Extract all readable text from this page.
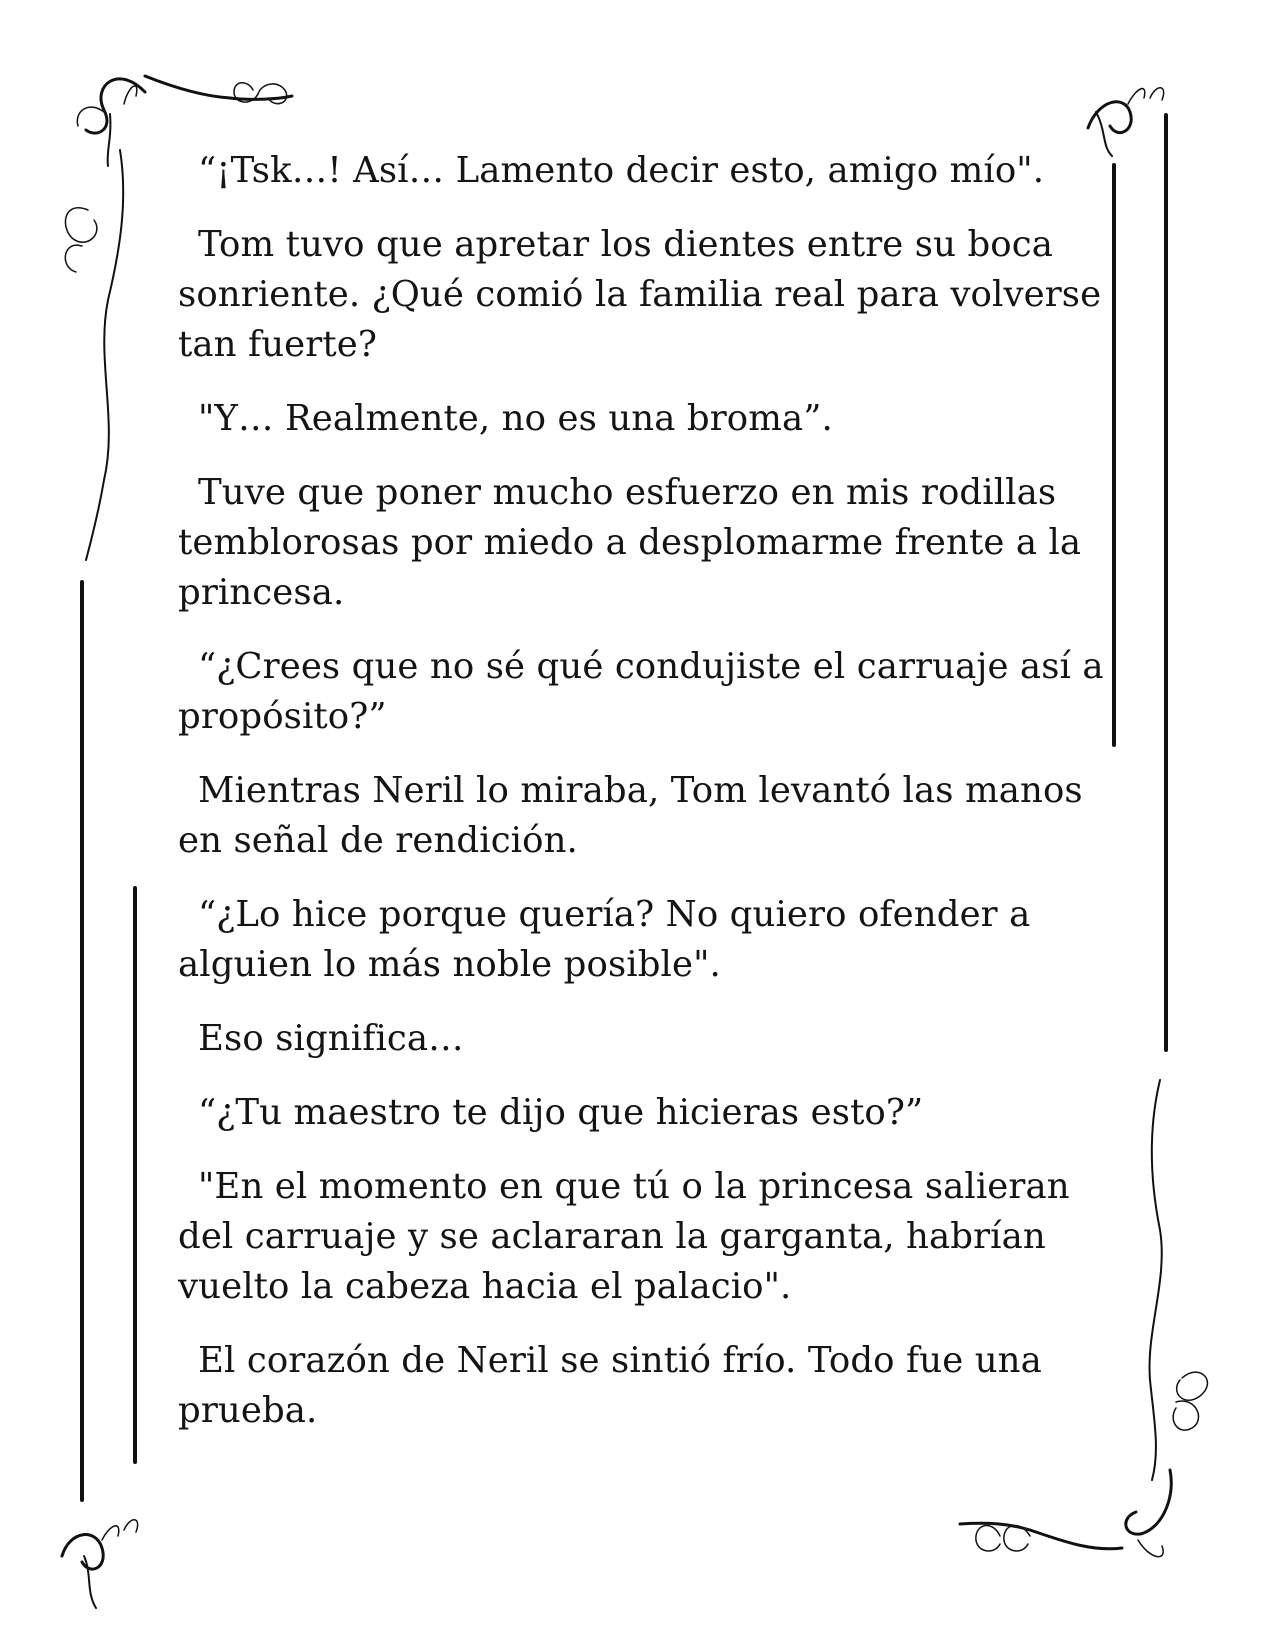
“¡Tsk…! Así… Lamento decir esto, amigo mío".

Tom tuvo que apretar los dientes entre su boca sonriente. ¿Qué comió la familia real para volverse tan fuerte?

"Y… Realmente, no es una broma”.

Tuve que poner mucho esfuerzo en mis rodillas temblorosas por miedo a desplomarme frente a la princesa.

“¿Crees que no sé qué condujiste el carruaje así a propósito?”

Mientras Neril lo miraba, Tom levantó las manos en señal de rendición.

“¿Lo hice porque quería? No quiero ofender a alguien lo más noble posible".

Eso significa…

“¿Tu maestro te dijo que hicieras esto?”

"En el momento en que tú o la princesa salieran del carruaje y se aclararan la garganta, habrían vuelto la cabeza hacia el palacio".

El corazón de Neril se sintió frío. Todo fue una prueba.
